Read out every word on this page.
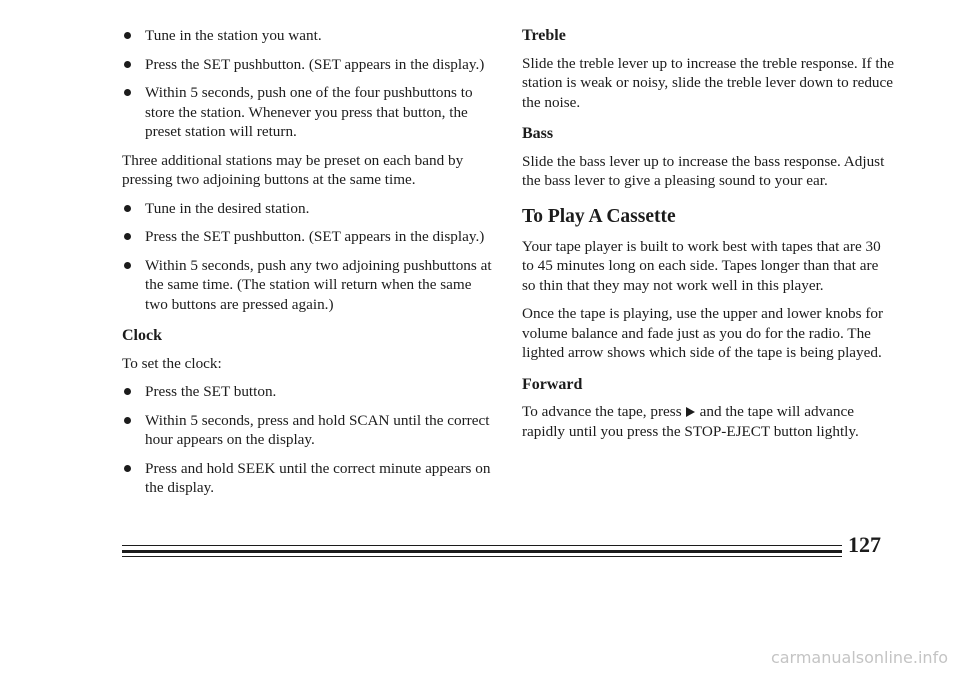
Tune in the station you want.
Press the SET pushbutton. (SET appears in the display.)
Within 5 seconds, push one of the four pushbuttons to store the station. Whenever you press that button, the preset station will return.
Three additional stations may be preset on each band by pressing two adjoining buttons at the same time.
Tune in the desired station.
Press the SET pushbutton. (SET appears in the display.)
Within 5 seconds, push any two adjoining pushbuttons at the same time. (The station will return when the same two buttons are pressed again.)
Clock
To set the clock:
Press the SET button.
Within 5 seconds, press and hold SCAN until the correct hour appears on the display.
Press and hold SEEK until the correct minute appears on the display.
Treble
Slide the treble lever up to increase the treble response. If the station is weak or noisy, slide the treble lever down to reduce the noise.
Bass
Slide the bass lever up to increase the bass response. Adjust the bass lever to give a pleasing sound to your ear.
To Play A Cassette
Your tape player is built to work best with tapes that are 30 to 45 minutes long on each side. Tapes longer than that are so thin that they may not work well in this player.
Once the tape is playing, use the upper and lower knobs for volume balance and fade just as you do for the radio. The lighted arrow shows which side of the tape is being played.
Forward
To advance the tape, press and the tape will advance rapidly until you press the STOP-EJECT button lightly.
127
carmanualsonline.info
